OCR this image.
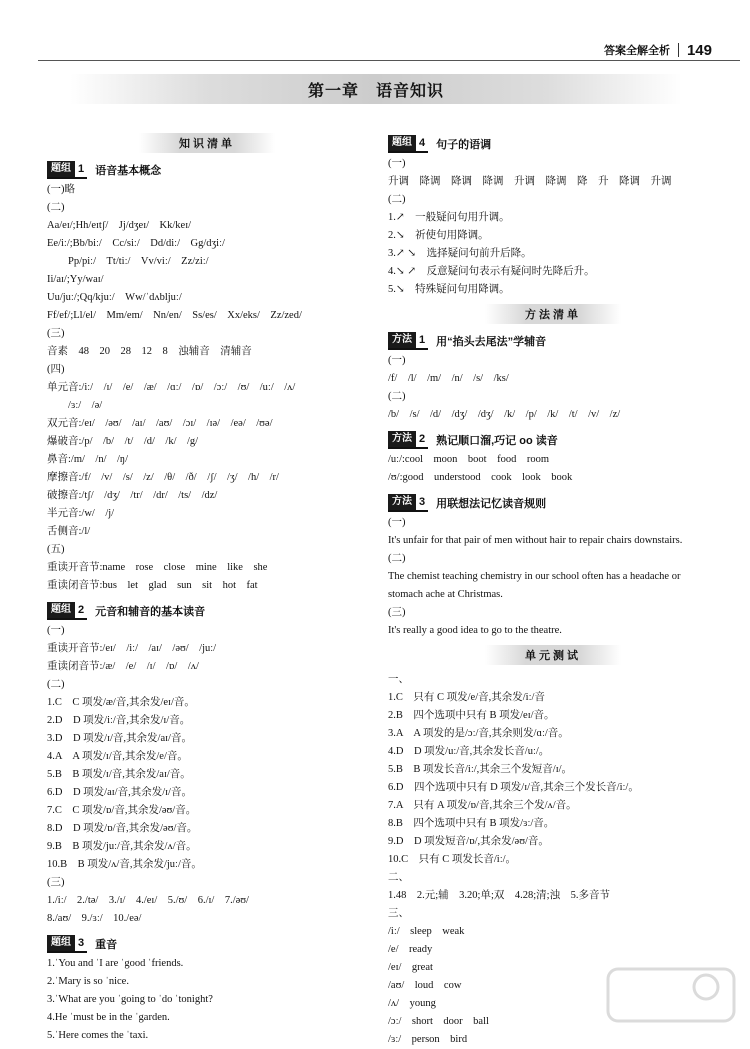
答案全解全析 149
第一章　语音知识
知识清单
题组 1 语音基本概念
(一)略
(二)
Aa/eɪ/;Hh/eɪtʃ/　Jj/dʒeɪ/　Kk/keɪ/
Ee/iː/;Bb/biː/　Cc/siː/　Dd/diː/　Gg/dʒiː/
　　Pp/piː/　Tt/tiː/　Vv/viː/　Zz/ziː/
Ii/aɪ/;Yy/waɪ/
Uu/juː/;Qq/kjuː/　Ww/ˈdʌbljuː/
Ff/ef/;Ll/el/　Mm/em/　Nn/en/　Ss/es/　Xx/eks/　Zz/zed/
(三)
音素　48　20　28　12　8　浊辅音　清辅音
(四)
单元音:/iː/　/ɪ/　/e/　/æ/　/ɑː/　/ɒ/　/ɔː/　/ʊ/　/uː/　/ʌ/
　　/ɜː/　/ə/
双元音:/eɪ/　/əʊ/　/aɪ/　/aʊ/　/ɔɪ/　/ɪə/　/eə/　/ʊə/
爆破音:/p/　/b/　/t/　/d/　/k/　/g/
鼻音:/m/　/n/　/ŋ/
摩擦音:/f/　/v/　/s/　/z/　/θ/　/ð/　/ʃ/　/ʒ/　/h/　/r/
破擦音:/tʃ/　/dʒ/　/tr/　/dr/　/ts/　/dz/
半元音:/w/　/j/
舌侧音:/l/
(五)
重读开音节:name　rose　close　mine　like　she
重读闭音节:bus　let　glad　sun　sit　hot　fat
题组 2 元音和辅音的基本读音
(一)
重读开音节:/eɪ/　/iː/　/aɪ/　/əʊ/　/juː/
重读闭音节:/æ/　/e/　/ɪ/　/ɒ/　/ʌ/
(二)
1.C　C 项发/æ/音,其余发/eɪ/音。
2.D　D 项发/iː/音,其余发/ɪ/音。
3.D　D 项发/ɪ/音,其余发/aɪ/音。
4.A　A 项发/ɪ/音,其余发/e/音。
5.B　B 项发/ɪ/音,其余发/aɪ/音。
6.D　D 项发/aɪ/音,其余发/ɪ/音。
7.C　C 项发/ɒ/音,其余发/əʊ/音。
8.D　D 项发/ɒ/音,其余发/əʊ/音。
9.B　B 项发/juː/音,其余发/ʌ/音。
10.B　B 项发/ʌ/音,其余发/juː/音。
(三)
1./iː/　2./tə/　3./ɪ/　4./eɪ/　5./ʊ/　6./ɪ/　7./əʊ/
8./aʊ/　9./ɜː/　10./eə/
题组 3 重音
1.ˈYou and ˈI are ˈgood ˈfriends.
2.ˈMary is so ˈnice.
3.ˈWhat are you ˈgoing to ˈdo ˈtonight?
4.He ˈmust be in the ˈgarden.
5.ˈHere comes the ˈtaxi.
题组 4 句子的语调
(一)
升调　降调　降调　降调　升调　降调　降　升　降调　升调
(二)
1.↗　一般疑问句用升调。
2.↘　祈使句用降调。
3.↗ ↘　选择疑问句前升后降。
4.↘ ↗　反意疑问句表示有疑问时先降后升。
5.↘　特殊疑问句用降调。
方法清单
方法 1 用“掐头去尾法”学辅音
(一)
/f/　/l/　/m/　/n/　/s/　/ks/
(二)
/b/　/s/　/d/　/dʒ/　/dʒ/　/k/　/p/　/k/　/t/　/v/　/z/
方法 2 熟记顺口溜,巧记 oo 读音
/uː/:cool　moon　boot　food　room
/ʊ/:good　understood　cook　look　book
方法 3 用联想法记忆读音规则
(一)
It's unfair for that pair of men without hair to repair chairs downstairs.
(二)
The chemist teaching chemistry in our school often has a headache or
stomach ache at Christmas.
(三)
It's really a good idea to go to the theatre.
单元测试
一、
1.C　只有 C 项发/e/音,其余发/iː/音
2.B　四个选项中只有 B 项发/eɪ/音。
3.A　A 项发的是/ɔː/音,其余则发/ɑː/音。
4.D　D 项发/uː/音,其余发长音/uː/。
5.B　B 项发长音/iː/,其余三个发短音/ɪ/。
6.D　四个选项中只有 D 项发/ɪ/音,其余三个发长音/iː/。
7.A　只有 A 项发/ɒ/音,其余三个发/ʌ/音。
8.B　四个选项中只有 B 项发/ɜː/音。
9.D　D 项发短音/ɒ/,其余发/əʊ/音。
10.C　只有 C 项发长音/iː/。
二、
1.48　2.元;辅　3.20;单;双　4.28;清;浊　5.多音节
三、
/iː/　sleep　weak
/e/　ready
/eɪ/　great
/aʊ/　loud　cow
/ʌ/　young
/ɔː/　short　door　ball
/ɜː/　person　bird
